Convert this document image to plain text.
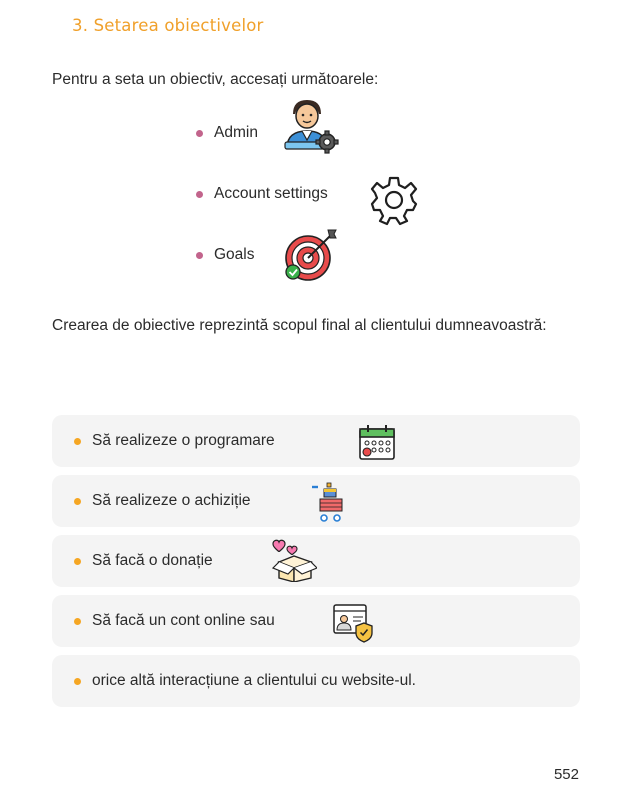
3. Setarea obiectivelor
Pentru a seta un obiectiv, accesați următoarele:
Admin
Account settings
Goals
Crearea de obiective reprezintă scopul final al clientului dumneavoastră:
Să realizeze o programare
Să realizeze o achiziție
Să facă o donație
Să facă un cont online sau
orice altă interacțiune a clientului cu website-ul.
552
